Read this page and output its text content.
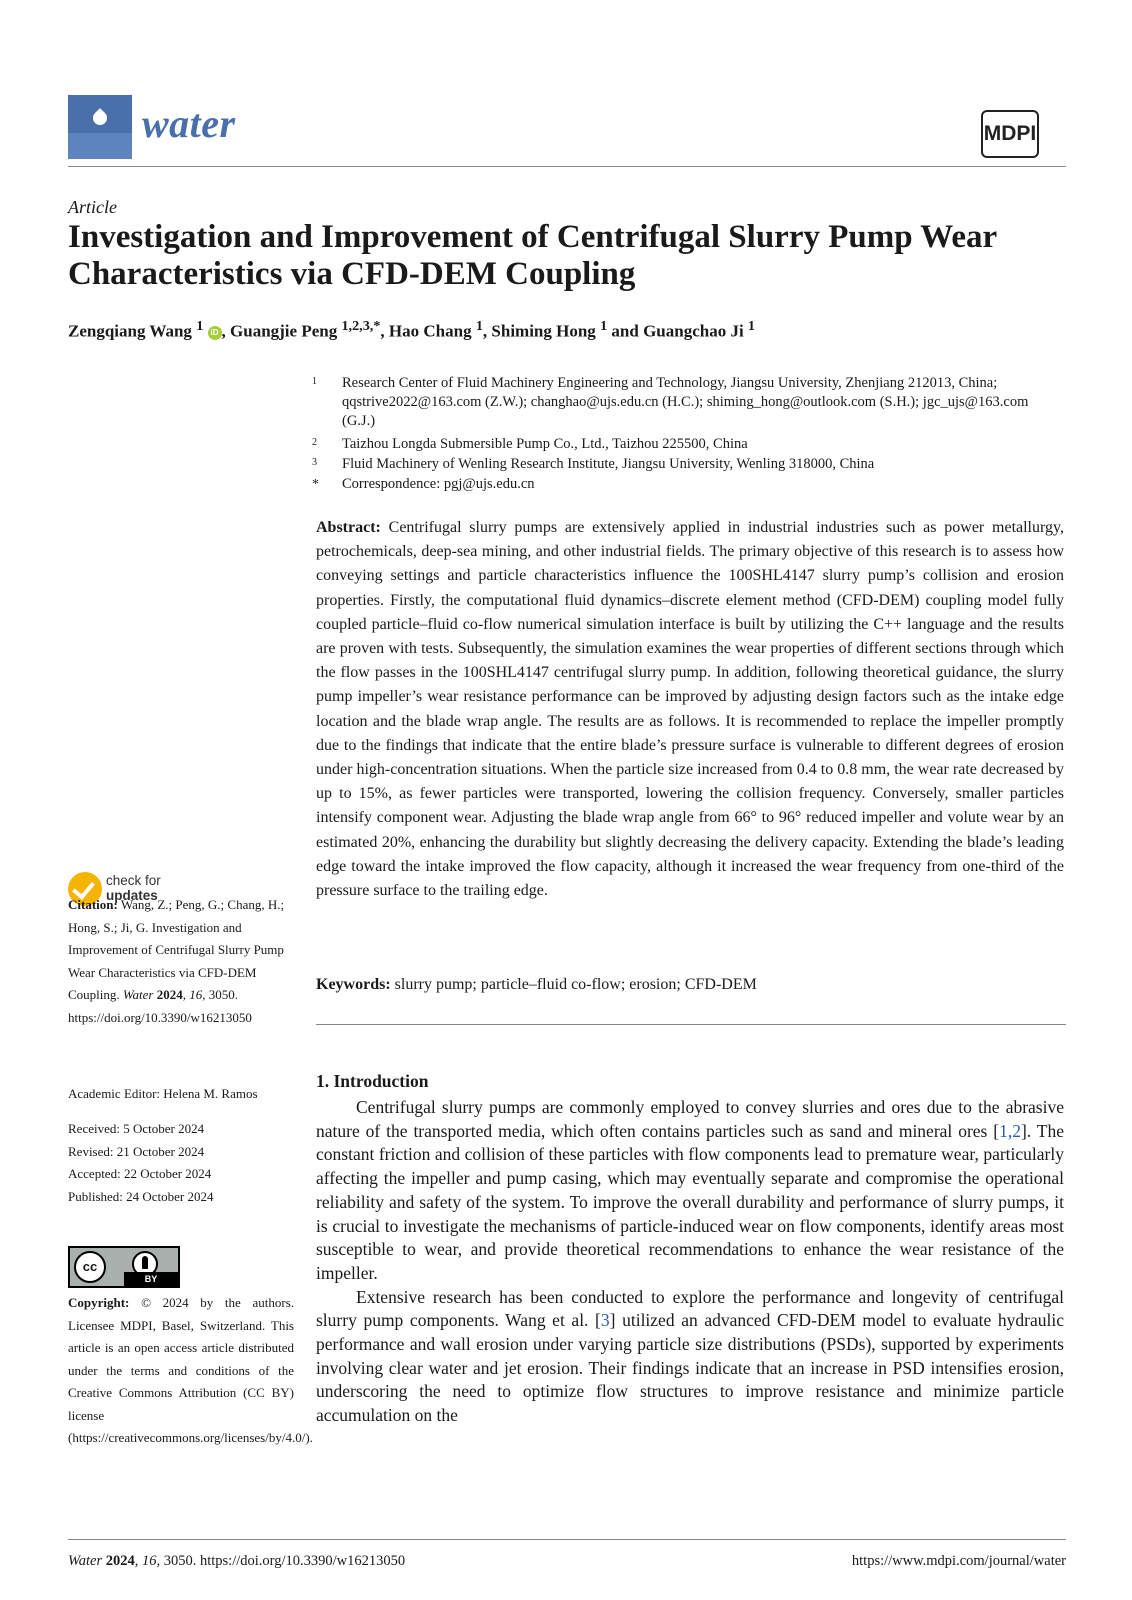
water	MDPI
Article
Investigation and Improvement of Centrifugal Slurry Pump Wear Characteristics via CFD-DEM Coupling
Zengqiang Wang $^1$ iD , Guangjie Peng $^{1,2,3,*}$, Hao Chang $^1$, Shiming Hong $^1$ and Guangchao Ji $^1$
1 Research Center of Fluid Machinery Engineering and Technology, Jiangsu University, Zhenjiang 212013, China; qqstrive2022@163.com (Z.W.); changhao@ujs.edu.cn (H.C.); shiming_hong@outlook.com (S.H.); jgc_ujs@163.com (G.J.)
2 Taizhou Longda Submersible Pump Co., Ltd., Taizhou 225500, China
3 Fluid Machinery of Wenling Research Institute, Jiangsu University, Wenling 318000, China
* Correspondence: pgj@ujs.edu.cn
Abstract: Centrifugal slurry pumps are extensively applied in industrial industries such as power metallurgy, petrochemicals, deep-sea mining, and other industrial fields. The primary objective of this research is to assess how conveying settings and particle characteristics influence the 100SHL4147 slurry pump’s collision and erosion properties. Firstly, the computational fluid dynamics–discrete element method (CFD-DEM) coupling model fully coupled particle–fluid co-flow numerical simulation interface is built by utilizing the C++ language and the results are proven with tests. Subsequently, the simulation examines the wear properties of different sections through which the flow passes in the 100SHL4147 centrifugal slurry pump. In addition, following theoretical guidance, the slurry pump impeller’s wear resistance performance can be improved by adjusting design factors such as the intake edge location and the blade wrap angle. The results are as follows. It is recommended to replace the impeller promptly due to the findings that indicate that the entire blade’s pressure surface is vulnerable to different degrees of erosion under high-concentration situations. When the particle size increased from 0.4 to 0.8 mm, the wear rate decreased by up to 15%, as fewer particles were transported, lowering the collision frequency. Conversely, smaller particles intensify component wear. Adjusting the blade wrap angle from 66° to 96° reduced impeller and volute wear by an estimated 20%, enhancing the durability but slightly decreasing the delivery capacity. Extending the blade’s leading edge toward the intake improved the flow capacity, although it increased the wear frequency from one-third of the pressure surface to the trailing edge.
Keywords: slurry pump; particle–fluid co-flow; erosion; CFD-DEM
1. Introduction
Centrifugal slurry pumps are commonly employed to convey slurries and ores due to the abrasive nature of the transported media, which often contains particles such as sand and mineral ores [1,2]. The constant friction and collision of these particles with flow components lead to premature wear, particularly affecting the impeller and pump casing, which may eventually separate and compromise the operational reliability and safety of the system. To improve the overall durability and performance of slurry pumps, it is crucial to investigate the mechanisms of particle-induced wear on flow components, identify areas most susceptible to wear, and provide theoretical recommendations to enhance the wear resistance of the impeller.
Extensive research has been conducted to explore the performance and longevity of centrifugal slurry pump components. Wang et al. [3] utilized an advanced CFD-DEM model to evaluate hydraulic performance and wall erosion under varying particle size distributions (PSDs), supported by experiments involving clear water and jet erosion. Their findings indicate that an increase in PSD intensifies erosion, underscoring the need to optimize flow structures to improve resistance and minimize particle accumulation on the
check for
updates
Citation: Wang, Z.; Peng, G.; Chang, H.; Hong, S.; Ji, G. Investigation and Improvement of Centrifugal Slurry Pump Wear Characteristics via CFD-DEM Coupling. Water 2024, 16, 3050. https://doi.org/10.3390/w16213050
Academic Editor: Helena M. Ramos
Received: 5 October 2024
Revised: 21 October 2024
Accepted: 22 October 2024
Published: 24 October 2024
cc
BY
Copyright: © 2024 by the authors. Licensee MDPI, Basel, Switzerland. This article is an open access article distributed under the terms and conditions of the Creative Commons Attribution (CC BY) license (https://creativecommons.org/licenses/by/4.0/).
Water 2024, 16, 3050. https://doi.org/10.3390/w16213050	https://www.mdpi.com/journal/water
